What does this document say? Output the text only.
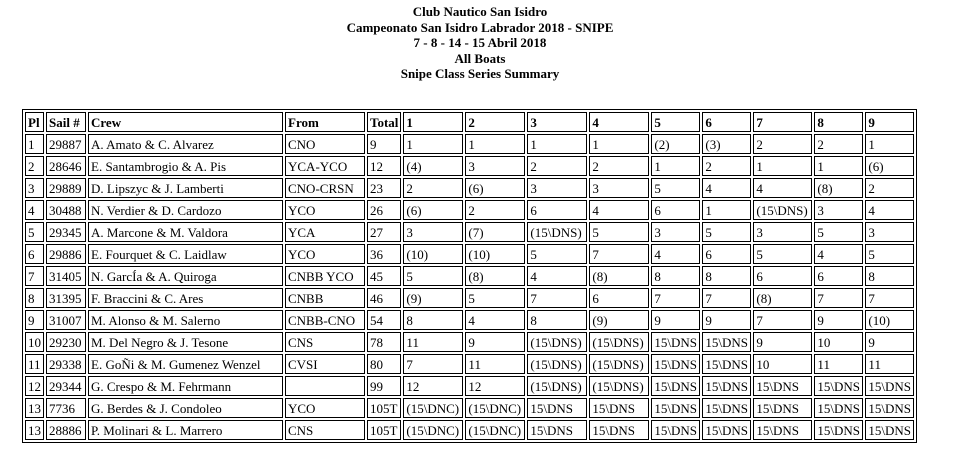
Club Nautico San Isidro
Campeonato San Isidro Labrador 2018 - SNIPE
7 - 8 - 14 - 15 Abril 2018
All Boats
Snipe Class Series Summary
Pl	Sail #	Crew	From	Total	1	2	3	4	5	6	7	8	9
1	29887	A. Amato & C. Alvarez	CNO	9	1	1	1	1	(2)	(3)	2	2	1
2	28646	E. Santambrogio & A. Pis	YCA-YCO	12	(4)	3	2	2	1	2	1	1	(6)
3	29889	D. Lipszyc & J. Lamberti	CNO-CRSN	23	2	(6)	3	3	5	4	4	(8)	2
4	30488	N. Verdier & D. Cardozo	YCO	26	(6)	2	6	4	6	1	(15\DNS)	3	4
5	29345	A. Marcone & M. Valdora	YCA	27	3	(7)	(15\DNS)	5	3	5	3	5	3
6	29886	E. Fourquet & C. Laidlaw	YCO	36	(10)	(10)	5	7	4	6	5	4	5
7	31405	N. GarcÍa & A. Quiroga	CNBB YCO	45	5	(8)	4	(8)	8	8	6	6	8
8	31395	F. Braccini & C. Ares	CNBB	46	(9)	5	7	6	7	7	(8)	7	7
9	31007	M. Alonso & M. Salerno	CNBB-CNO	54	8	4	8	(9)	9	9	7	9	(10)
10	29230	M. Del Negro & J. Tesone	CNS	78	11	9	(15\DNS)	(15\DNS)	15\DNS	15\DNS	9	10	9
11	29338	E. GoÑi & M. Gumenez Wenzel	CVSI	80	7	11	(15\DNS)	(15\DNS)	15\DNS	15\DNS	10	11	11
12	29344	G. Crespo & M. Fehrmann		99	12	12	(15\DNS)	(15\DNS)	15\DNS	15\DNS	15\DNS	15\DNS	15\DNS
13	7736	G. Berdes & J. Condoleo	YCO	105T	(15\DNC)	(15\DNC)	15\DNS	15\DNS	15\DNS	15\DNS	15\DNS	15\DNS	15\DNS
13	28886	P. Molinari & L. Marrero	CNS	105T	(15\DNC)	(15\DNC)	15\DNS	15\DNS	15\DNS	15\DNS	15\DNS	15\DNS	15\DNS
